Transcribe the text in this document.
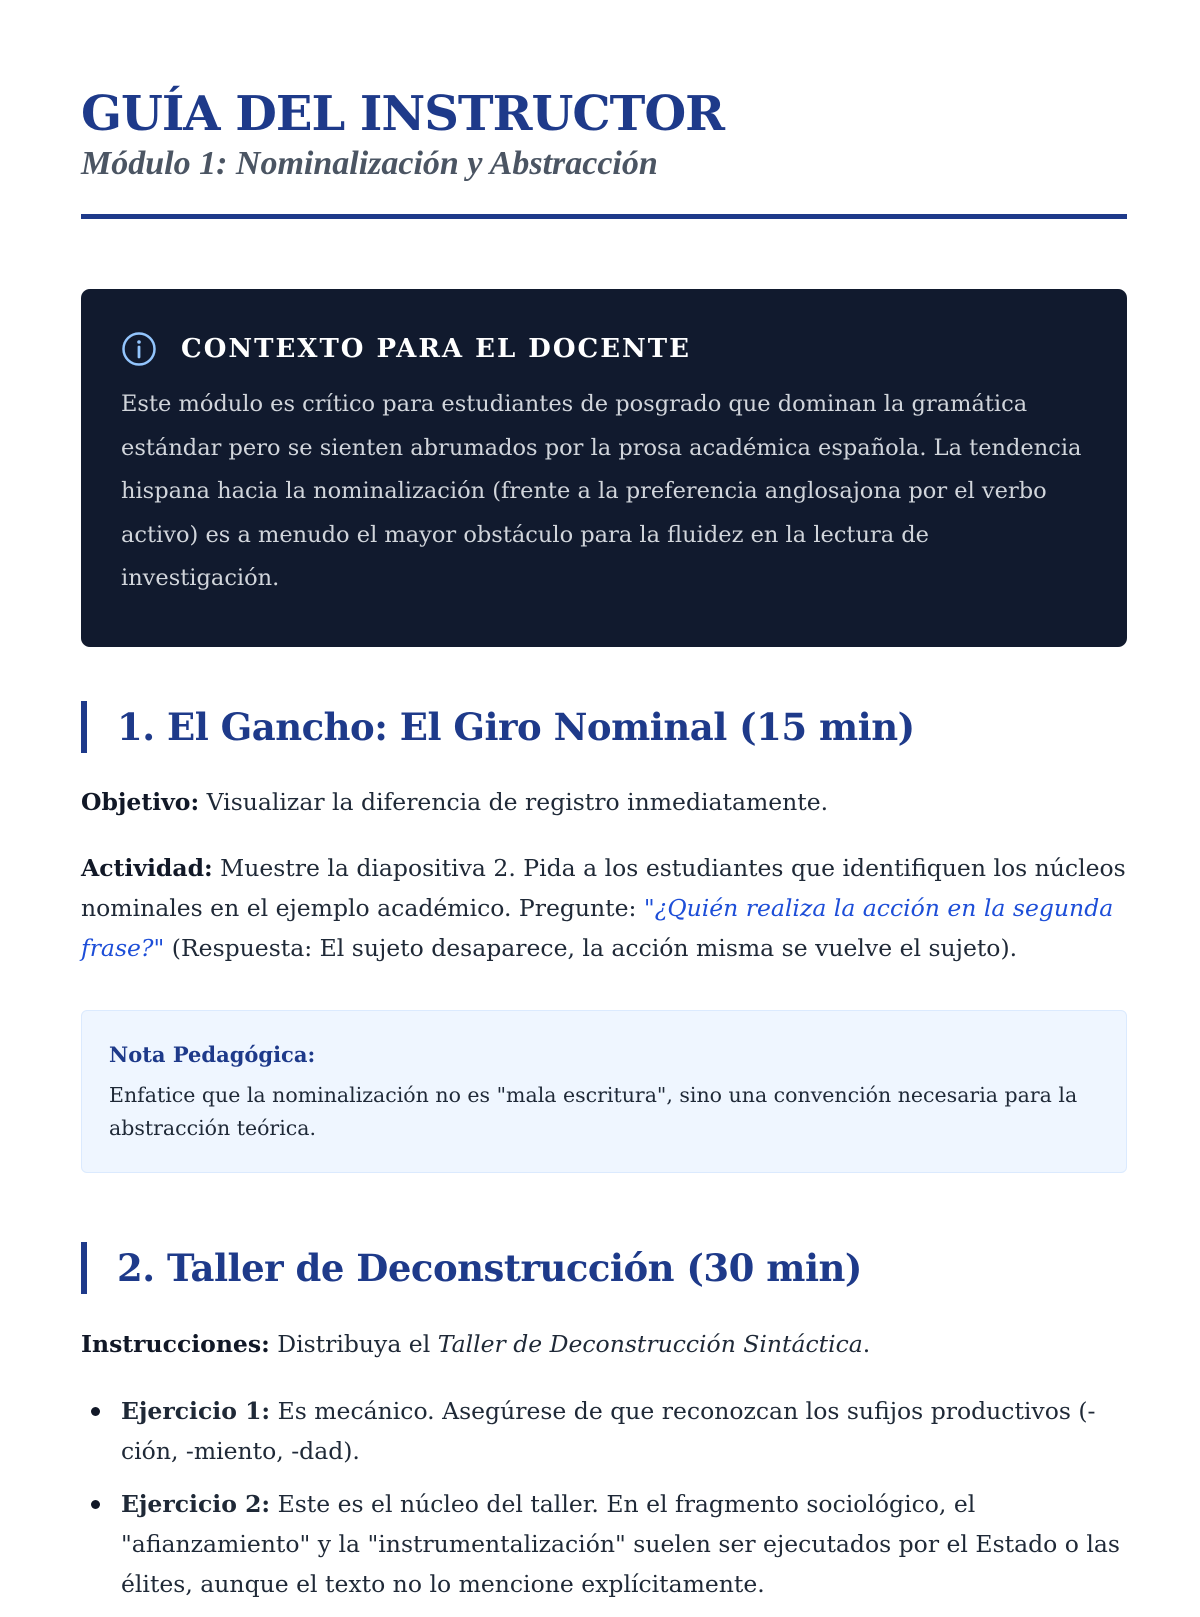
GUÍA DEL INSTRUCTOR
Módulo 1: Nominalización y Abstracción
CONTEXTO PARA EL DOCENTE

Este módulo es crítico para estudiantes de posgrado que dominan la gramática estándar pero se sienten abrumados por la prosa académica española. La tendencia hispana hacia la nominalización (frente a la preferencia anglosajona por el verbo activo) es a menudo el mayor obstáculo para la fluidez en la lectura de investigación.

1. El Gancho: El Giro Nominal (15 min)

Objetivo: Visualizar la diferencia de registro inmediatamente.

Actividad: Muestre la diapositiva 2. Pida a los estudiantes que identifiquen los núcleos nominales en el ejemplo académico. Pregunte: "¿Quién realiza la acción en la segunda frase?" (Respuesta: El sujeto desaparece, la acción misma se vuelve el sujeto).

Nota Pedagógica:

Enfatice que la nominalización no es "mala escritura", sino una convención necesaria para la abstracción teórica.

2. Taller de Deconstrucción (30 min)

Instrucciones: Distribuya el Taller de Deconstrucción Sintáctica.

Ejercicio 1: Es mecánico. Asegúrese de que reconozcan los sufijos productivos (-ción, -miento, -dad).
Ejercicio 2: Este es el núcleo del taller. En el fragmento sociológico, el "afianzamiento" y la "instrumentalización" suelen ser ejecutados por el Estado o las élites, aunque el texto no lo mencione explícitamente.
